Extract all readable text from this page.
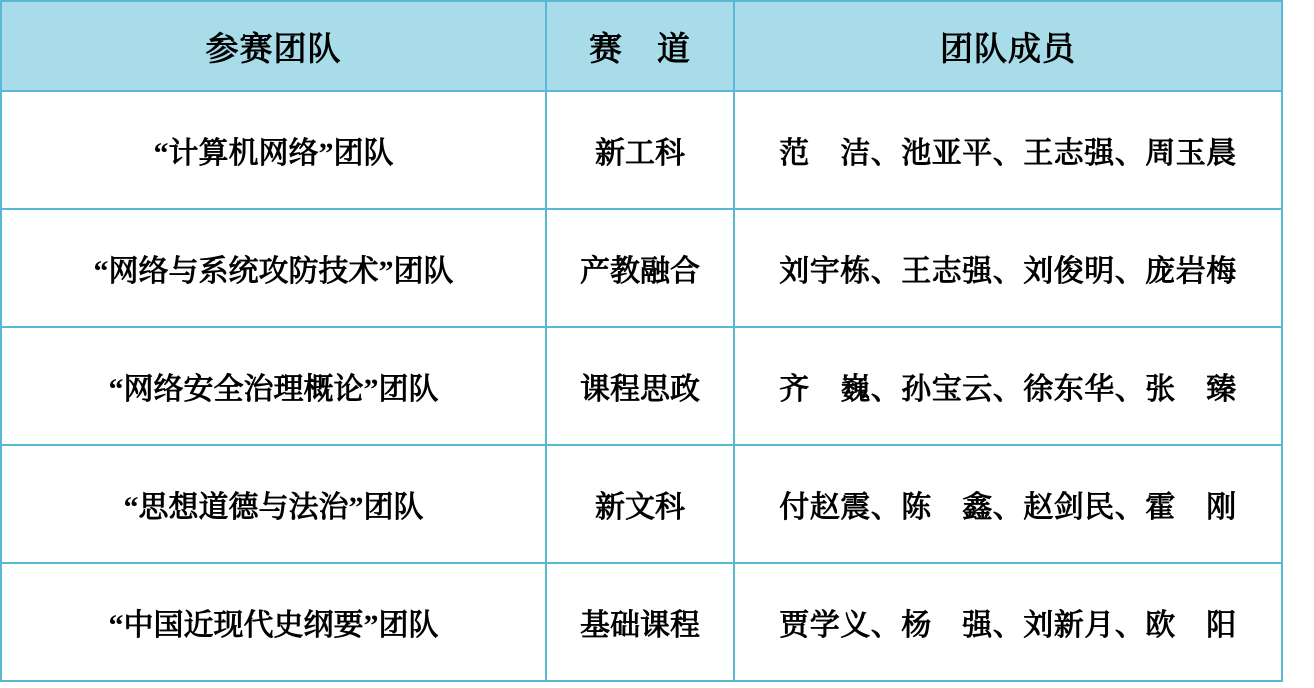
参赛团队	赛　道	团队成员
“计算机网络”团队	新工科	范　洁、池亚平、王志强、周玉晨
“网络与系统攻防技术”团队	产教融合	刘宇栋、王志强、刘俊明、庞岩梅
“网络安全治理概论”团队	课程思政	齐　巍、孙宝云、徐东华、张　臻
“思想道德与法治”团队	新文科	付赵震、陈　鑫、赵剑民、霍　刚
“中国近现代史纲要”团队	基础课程	贾学义、杨　强、刘新月、欧　阳
